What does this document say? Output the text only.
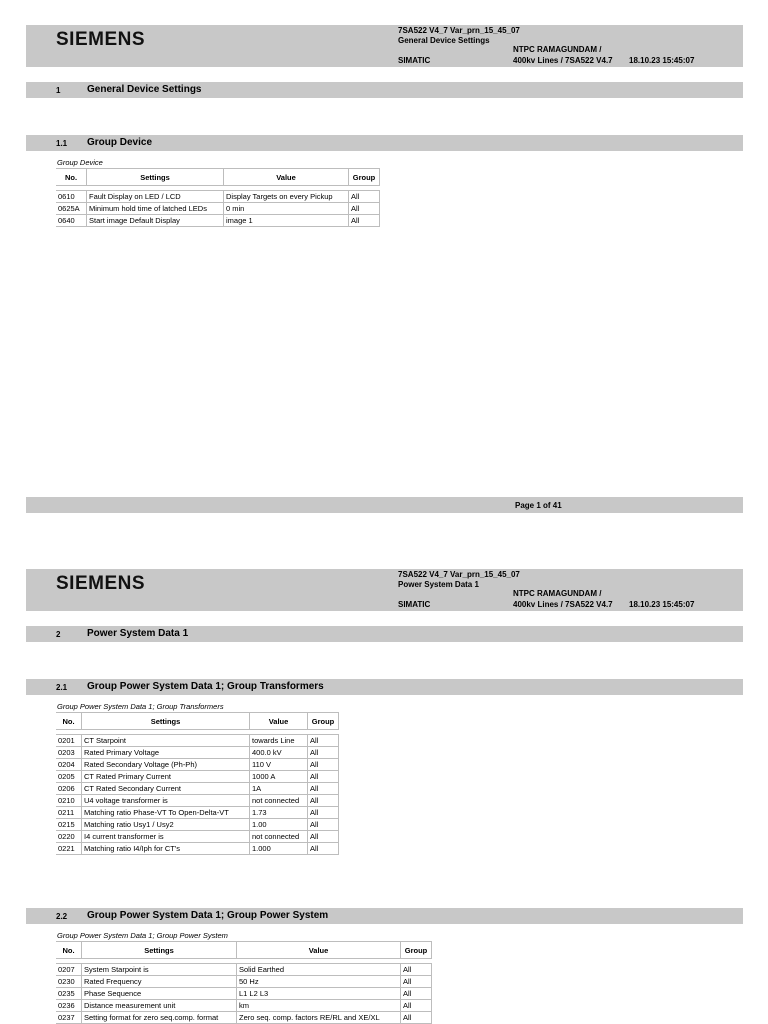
SIEMENS	7SA522 V4_7 Var_prn_15_45_07
General Device Settings
NTPC RAMAGUNDAM /
SIMATIC	400kv Lines / 7SA522 V4.7 18.10.23 15:45:07
1	General Device Settings
1.1 Group Device
Group Device
No.	Settings	Value	Group

0610	Fault Display on LED / LCD	Display Targets on every Pickup	All
0625A	Minimum hold time of latched LEDs	0 min	All
0640	Start image Default Display	image 1	All
Page 1 of 41
SIEMENS	7SA522 V4_7 Var_prn_15_45_07
Power System Data 1
NTPC RAMAGUNDAM /
SIMATIC	400kv Lines / 7SA522 V4.7 18.10.23 15:45:07
2	Power System Data 1
2.1 Group Power System Data 1; Group Transformers
Group Power System Data 1; Group Transformers
No.	Settings	Value	Group

0201	CT Starpoint	towards Line	All
0203	Rated Primary Voltage	400.0 kV	All
0204	Rated Secondary Voltage (Ph-Ph)	110 V	All
0205	CT Rated Primary Current	1000 A	All
0206	CT Rated Secondary Current	1A	All
0210	U4 voltage transformer is	not connected	All
0211	Matching ratio Phase-VT To Open-Delta-VT	1.73	All
0215	Matching ratio Usy1 / Usy2	1.00	All
0220	I4 current transformer is	not connected	All
0221	Matching ratio I4/Iph for CT's	1.000	All
2.2 Group Power System Data 1; Group Power System
Group Power System Data 1; Group Power System
No.	Settings	Value	Group

0207	System Starpoint is	Solid Earthed	All
0230	Rated Frequency	50 Hz	All
0235	Phase Sequence	L1 L2 L3	All
0236	Distance measurement unit	km	All
0237	Setting format for zero seq.comp. format	Zero seq. comp. factors RE/RL and XE/XL	All
